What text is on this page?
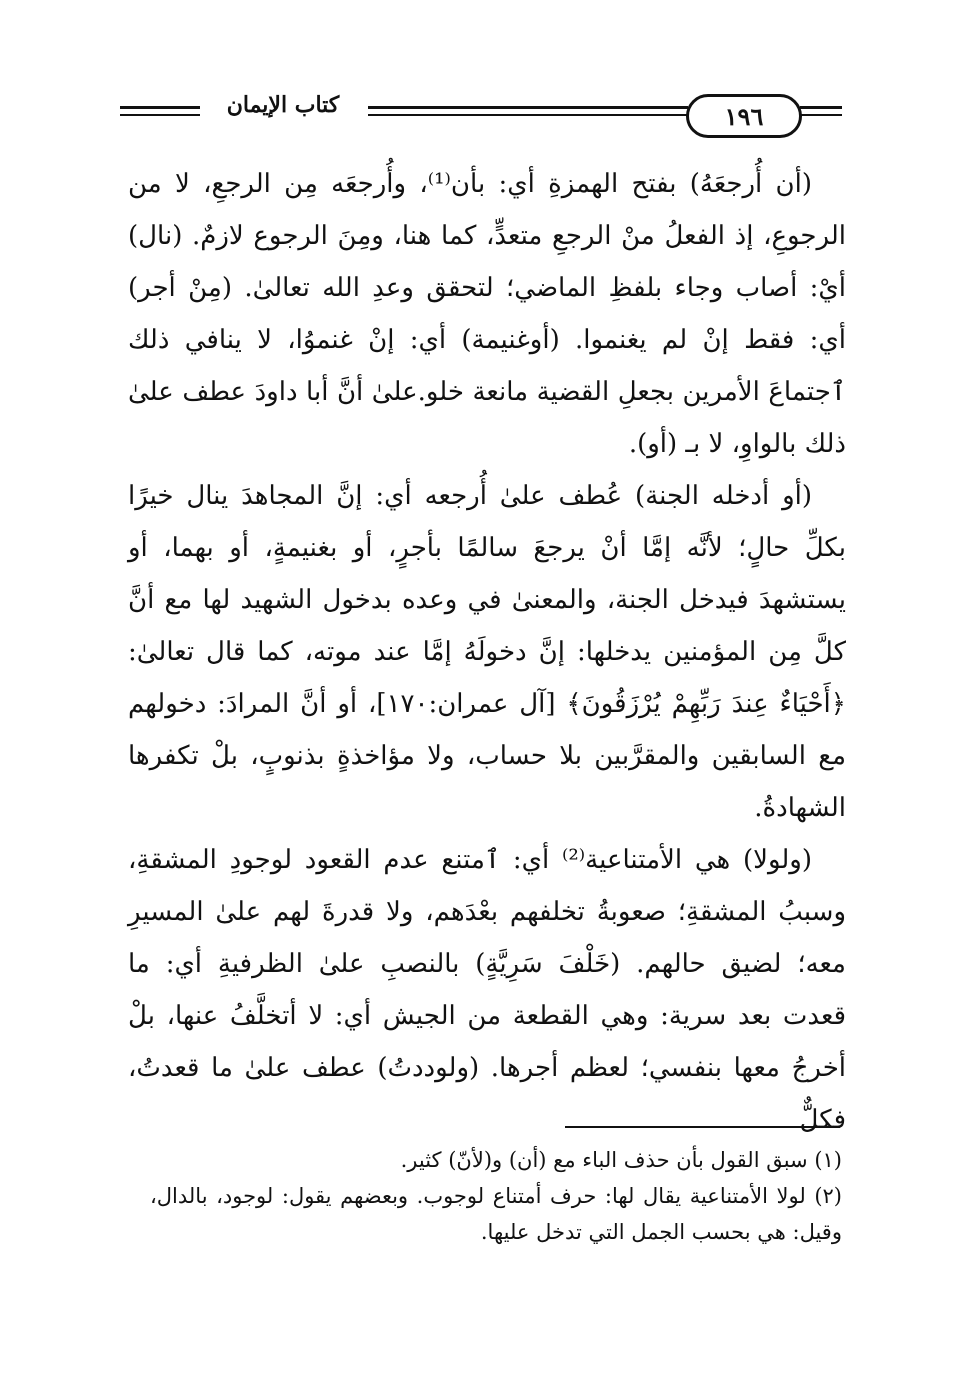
١٩٦
كتاب الإيمان

(أن أُرجعَهُ) بفتح الهمزةِ أي: بأن⁽¹⁾، وأُرجعَه مِن الرجعِ، لا من الرجوعِ، إذ الفعلُ منْ الرجعِ متعدٍّ، كما هنا، ومِنَ الرجوع لازمٌ. (نال) أيْ: أصاب وجاء بلفظِ الماضي؛ لتحقق وعدِ الله تعالىٰ. (مِنْ أجر) أي: فقط إنْ لم يغنموا. (أوغنيمة) أي: إنْ غنموُا، لا ينافي ذلك ٱجتماعَ الأمرين بجعلِ القضية مانعة خلو.علىٰ أنَّ أبا داودَ عطف علىٰ ذلك بالواوِ، لا بـ (أو).

(أو أدخله الجنة) عُطف علىٰ أُرجعه أي: إنَّ المجاهدَ ينال خيرًا بكلِّ حالٍ؛ لأنَّه إمَّا أنْ يرجعَ سالمًا بأجرٍ، أو بغنيمةٍ، أو بهما، أو يستشهدَ فيدخل الجنة، والمعنىٰ في وعده بدخول الشهيد لها مع أنَّ كلَّ مِن المؤمنين يدخلها: إنَّ دخولَهُ إمَّا عند موته، كما قال تعالىٰ: ﴿أَحْيَاءٌ عِندَ رَبِّهِمْ يُرْزَقُونَ﴾ [آل عمران:١٧٠]، أو أنَّ المرادَ: دخولهم مع السابقين والمقرَّبين بلا حساب، ولا مؤاخذةٍ بذنوبٍ، بلْ تكفرها الشهادةُ.

(ولولا) هي الأمتناعية⁽²⁾ أي: ٱمتنع عدم القعود لوجودِ المشقةِ، وسببُ المشقةِ؛ صعوبةُ تخلفهم بعْدَهم، ولا قدرةَ لهم علىٰ المسيرِ معه؛ لضيق حالهم. (خَلْفَ سَرِيَّةٍ) بالنصبِ علىٰ الظرفيةِ أي: ما قعدت بعد سرية: وهي القطعة من الجيش أي: لا أتخلَّفُ عنها، بلْ أخرجُ معها بنفسي؛ لعظم أجرها. (ولوددتُ) عطف علىٰ ما قعدتُ، فكلٌّ

(١) سبق القول بأن حذف الباء مع (أن) و(لأنّ) كثير.

(٢) لولا الأمتناعية يقال لها: حرف أمتناع لوجوب. وبعضهم يقول: لوجود، بالدال، وقيل: هي بحسب الجمل التي تدخل عليها.
